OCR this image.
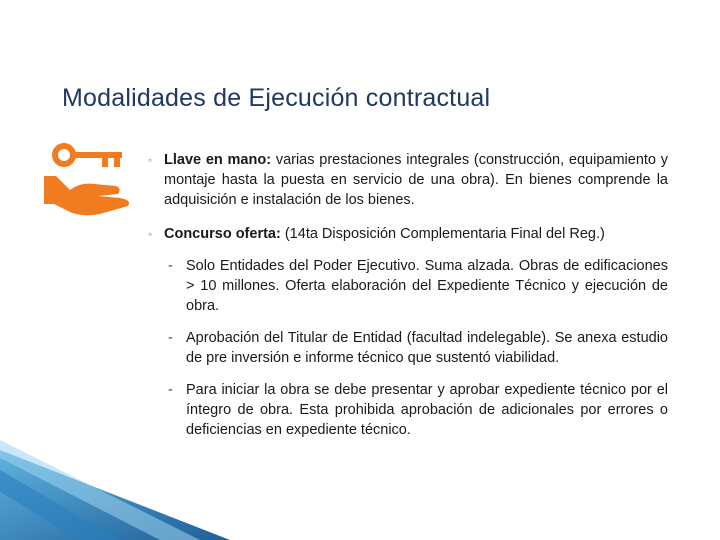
Modalidades de Ejecución contractual
◦ Llave en mano: varias prestaciones integrales (construcción, equipamiento y montaje hasta la puesta en servicio de una obra). En bienes comprende la adquisición e instalación de los bienes.
◦ Concurso oferta: (14ta Disposición Complementaria Final del Reg.)
- Solo Entidades del Poder Ejecutivo. Suma alzada. Obras de edificaciones > 10 millones. Oferta elaboración del Expediente Técnico y ejecución de obra.
- Aprobación del Titular de Entidad (facultad indelegable). Se anexa estudio de pre inversión e informe técnico que sustentó viabilidad.
- Para iniciar la obra se debe presentar y aprobar expediente técnico por el íntegro de obra. Esta prohibida aprobación de adicionales por errores o deficiencias en expediente técnico.
